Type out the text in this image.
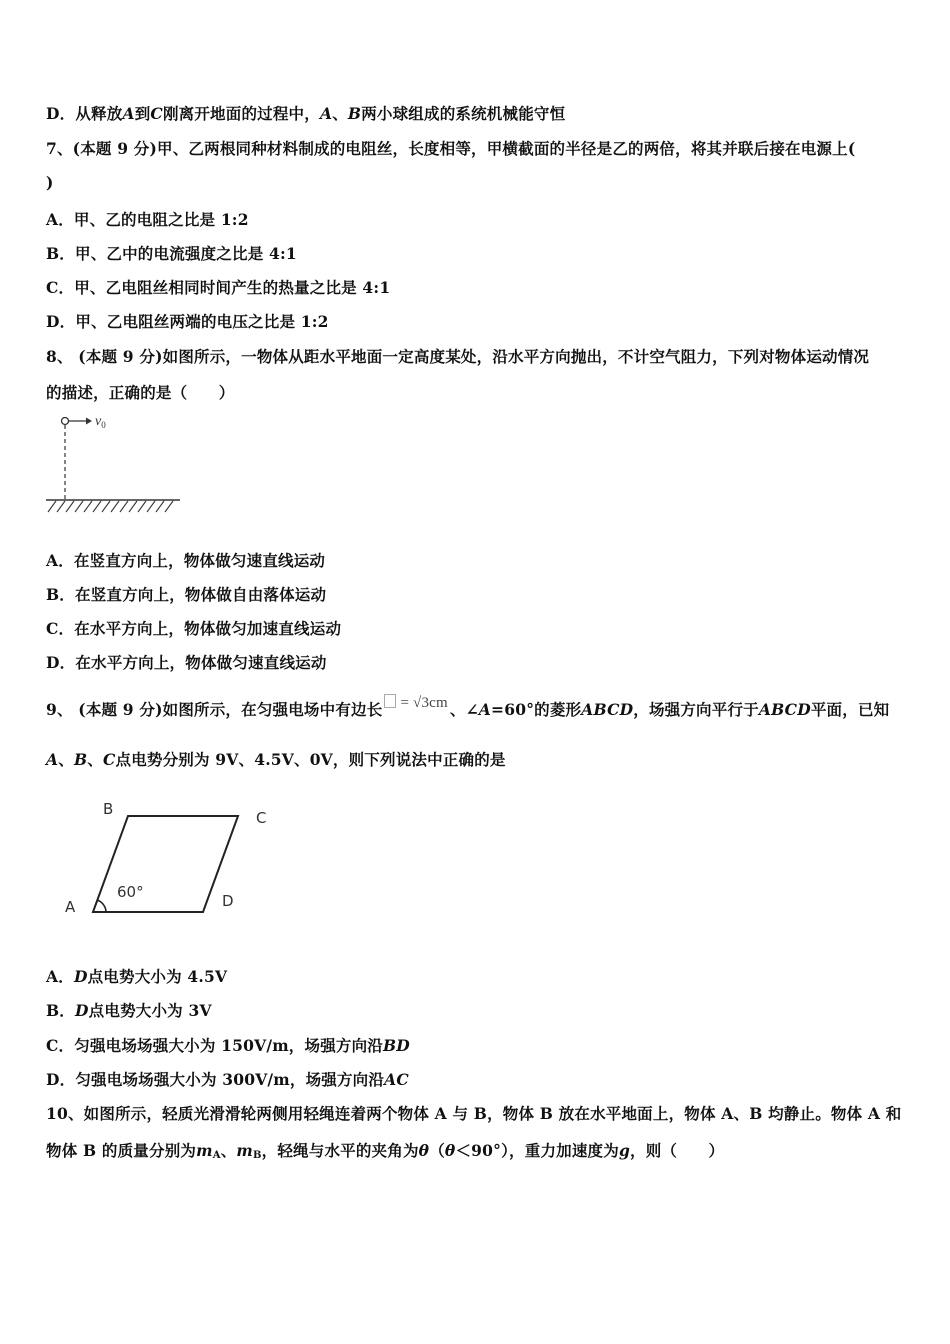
D．从释放A到C刚离开地面的过程中，A、B两小球组成的系统机械能守恒
7、(本题 9 分)甲、乙两根同种材料制成的电阻丝，长度相等，甲横截面的半径是乙的两倍，将其并联后接在电源上(
)
A．甲、乙的电阻之比是 1:2
B．甲、乙中的电流强度之比是 4:1
C．甲、乙电阻丝相同时间产生的热量之比是 4:1
D．甲、乙电阻丝两端的电压之比是 1:2
8、 (本题 9 分)如图所示，一物体从距水平地面一定高度某处，沿水平方向抛出，不计空气阻力，下列对物体运动情况
的描述，正确的是（　　）
$v_0$
A．在竖直方向上，物体做匀速直线运动
B．在竖直方向上，物体做自由落体运动
C．在水平方向上，物体做匀加速直线运动
D．在水平方向上，物体做匀速直线运动
9、 (本题 9 分)如图所示，在匀强电场中有边长 = √3cm 、∠A=60°的菱形ABCD，场强方向平行于ABCD平面，已知
A、B、C点电势分别为 9V、4.5V、0V，则下列说法中正确的是
B	C
A	D
60°
A．D点电势大小为 4.5V
B．D点电势大小为 3V
C．匀强电场场强大小为 150V/m，场强方向沿BD
D．匀强电场场强大小为 300V/m，场强方向沿AC
10、如图所示，轻质光滑滑轮两侧用轻绳连着两个物体 A 与 B，物体 B 放在水平地面上，物体 A、B 均静止。物体 A 和
物体 B 的质量分别为$m_A$、$m_B$，轻绳与水平的夹角为θ（θ＜90°），重力加速度为g，则（　　）
